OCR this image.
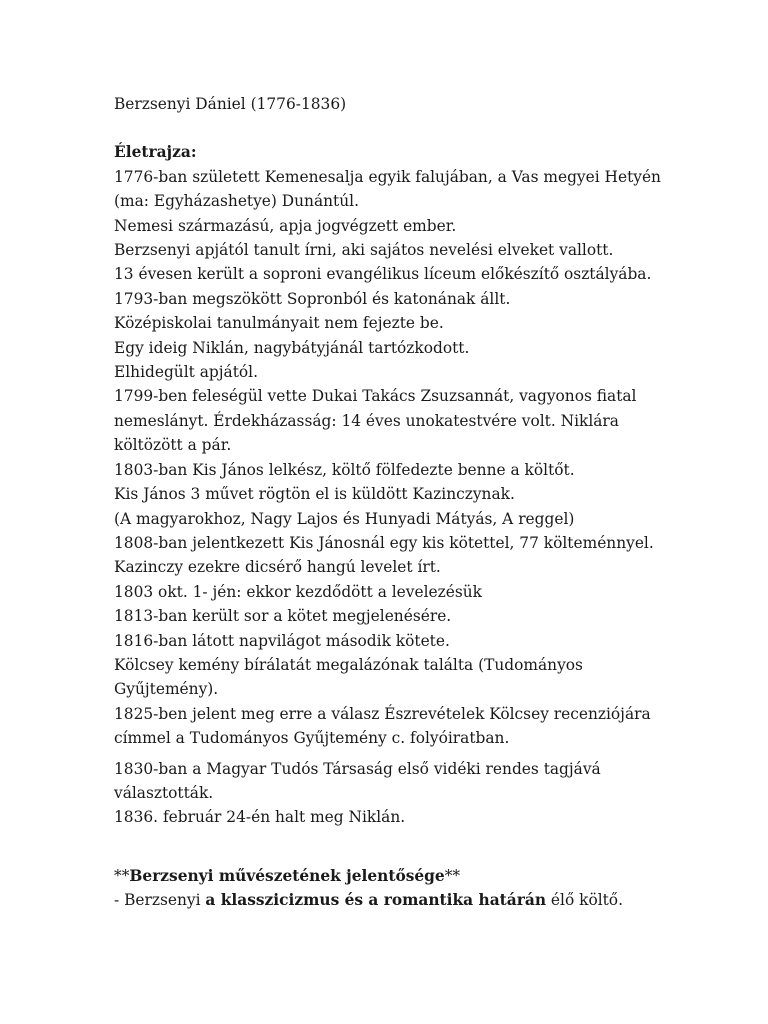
Berzsenyi Dániel (1776-1836)
Életrajza:
1776-ban született Kemenesalja egyik falujában, a Vas megyei Hetyén
(ma: Egyházashetye) Dunántúl.
Nemesi származású, apja jogvégzett ember.
Berzsenyi apjától tanult írni, aki sajátos nevelési elveket vallott.
13 évesen került a soproni evangélikus líceum előkészítő osztályába.
1793-ban megszökött Sopronból és katonának állt.
Középiskolai tanulmányait nem fejezte be.
Egy ideig Niklán, nagybátyjánál tartózkodott.
Elhidegült apjától.
1799-ben feleségül vette Dukai Takács Zsuzsannát, vagyonos fiatal
nemeslányt. Érdekházasság: 14 éves unokatestvére volt. Niklára
költözött a pár.
1803-ban Kis János lelkész, költő fölfedezte benne a költőt.
Kis János 3 művet rögtön el is küldött Kazinczynak.
(A magyarokhoz, Nagy Lajos és Hunyadi Mátyás, A reggel)
1808-ban jelentkezett Kis Jánosnál egy kis kötettel, 77 költeménnyel.
Kazinczy ezekre dicsérő hangú levelet írt.
1803 okt. 1- jén: ekkor kezdődött a levelezésük
1813-ban került sor a kötet megjelenésére.
1816-ban látott napvilágot második kötete.
Kölcsey kemény bírálatát megalázónak találta (Tudományos
Gyűjtemény).
1825-ben jelent meg erre a válasz Észrevételek Kölcsey recenziójára
címmel a Tudományos Gyűjtemény c. folyóiratban.
1830-ban a Magyar Tudós Társaság első vidéki rendes tagjává
választották.
1836. február 24-én halt meg Niklán.
**Berzsenyi művészetének jelentősége**
- Berzsenyi a klasszicizmus és a romantika határán élő költő.
